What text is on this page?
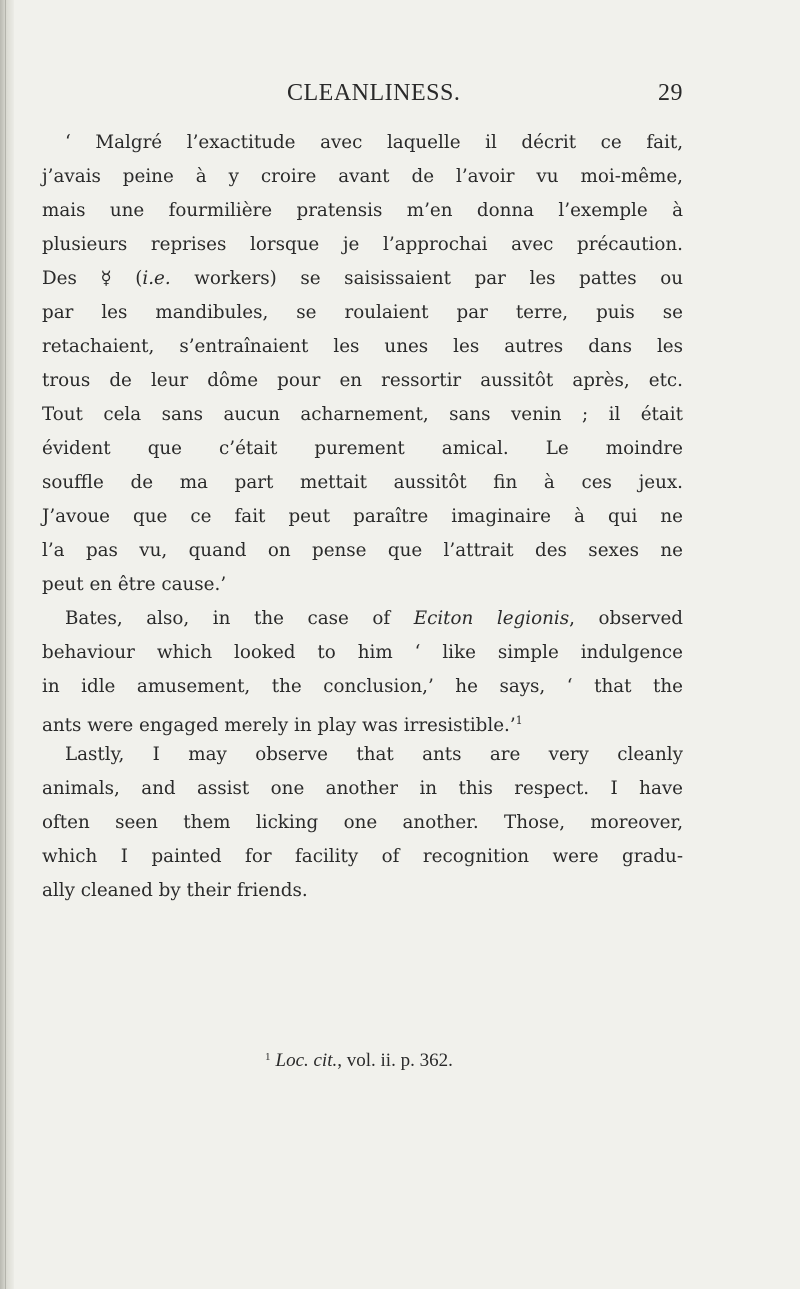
CLEANLINESS.	29
‘ Malgré l’exactitude avec laquelle il décrit ce fait,
j’avais peine à y croire avant de l’avoir vu moi-même,
mais une fourmilière pratensis m’en donna l’exemple à
plusieurs reprises lorsque je l’approchai avec précaution.
Des ☿ (i.e. workers) se saisissaient par les pattes ou
par les mandibules, se roulaient par terre, puis se
retachaient, s’entraînaient les unes les autres dans les
trous de leur dôme pour en ressortir aussitôt après, etc.
Tout cela sans aucun acharnement, sans venin ; il était
évident que c’était purement amical. Le moindre
souffle de ma part mettait aussitôt fin à ces jeux.
J’avoue que ce fait peut paraître imaginaire à qui ne
l’a pas vu, quand on pense que l’attrait des sexes ne
peut en être cause.’
Bates, also, in the case of Eciton legionis, observed
behaviour which looked to him ‘ like simple indulgence
in idle amusement, the conclusion,’ he says, ‘ that the
ants were engaged merely in play was irresistible.’$^1$
Lastly, I may observe that ants are very cleanly
animals, and assist one another in this respect. I have
often seen them licking one another. Those, moreover,
which I painted for facility of recognition were gradu-
ally cleaned by their friends.
$^1$ Loc. cit., vol. ii. p. 362.
